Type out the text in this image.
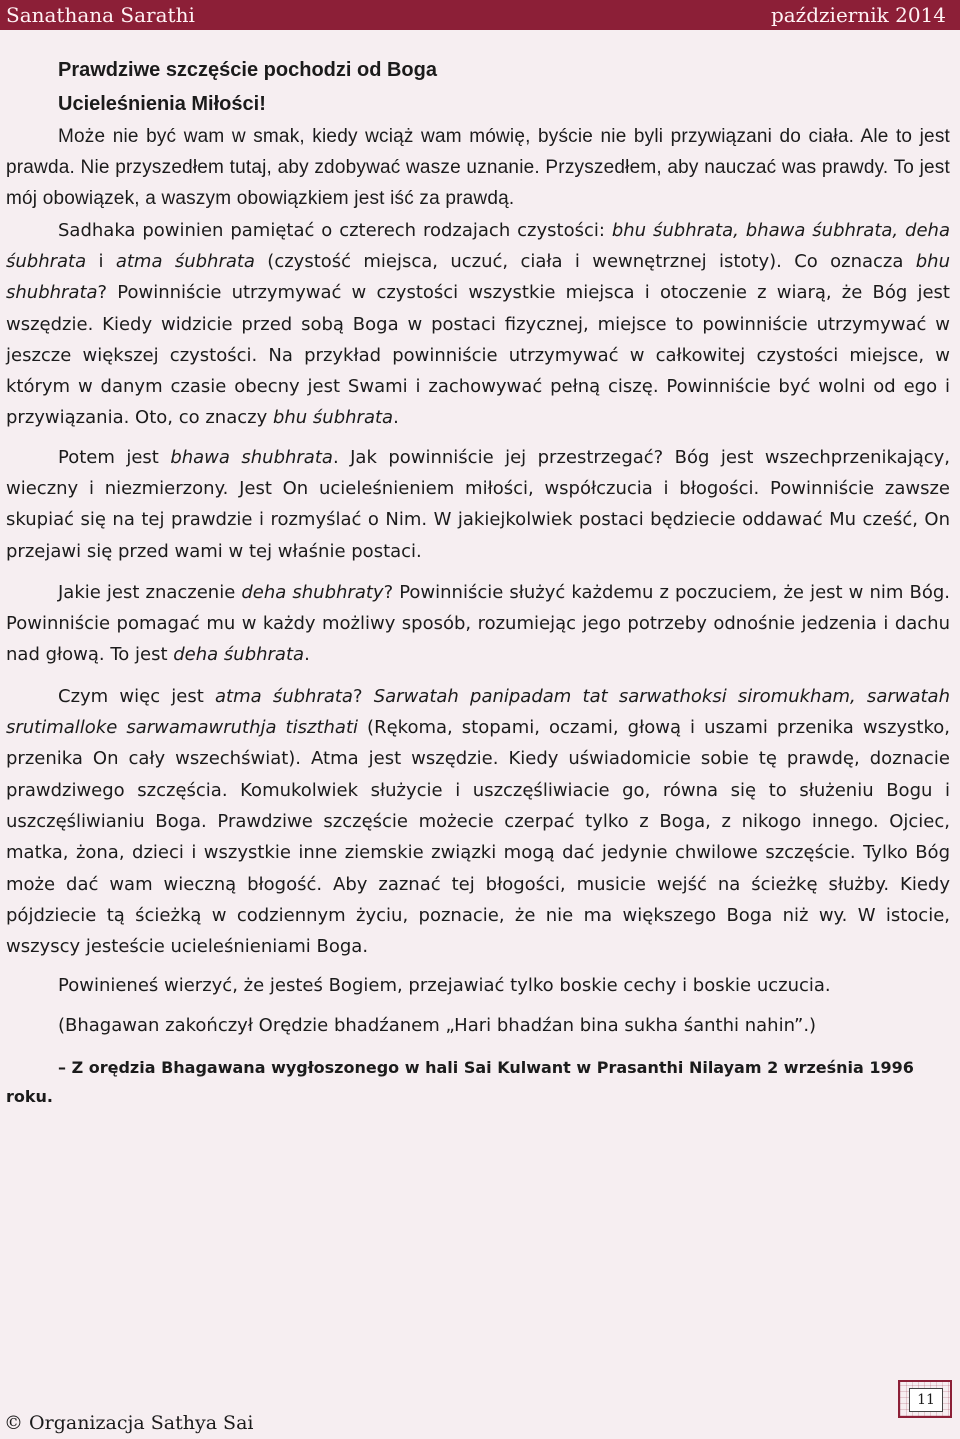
Sanathana Sarathi	październik 2014
Prawdziwe szczęście pochodzi od Boga
Ucieleśnienia Miłości!

Może nie być wam w smak, kiedy wciąż wam mówię, byście nie byli przywiązani do ciała. Ale to jest prawda. Nie przyszedłem tutaj, aby zdobywać wasze uznanie. Przyszedłem, aby nauczać was prawdy. To jest mój obowiązek, a waszym obowiązkiem jest iść za prawdą.

Sadhaka powinien pamiętać o czterech rodzajach czystości: bhu śubhrata, bhawa śubhrata, deha śubhrata i atma śubhrata (czystość miejsca, uczuć, ciała i wewnętrznej istoty). Co oznacza bhu shubhrata? Powinniście utrzymywać w czystości wszystkie miejsca i otoczenie z wiarą, że Bóg jest wszędzie. Kiedy widzicie przed sobą Boga w postaci fizycznej, miejsce to powinniście utrzymywać w jeszcze większej czystości. Na przykład powinniście utrzymywać w całkowitej czystości miejsce, w którym w danym czasie obecny jest Swami i zachowywać pełną ciszę. Powinniście być wolni od ego i przywiązania. Oto, co znaczy bhu śubhrata.

Potem jest bhawa shubhrata. Jak powinniście jej przestrzegać? Bóg jest wszechprzenikający, wieczny i niezmierzony. Jest On ucieleśnieniem miłości, współczucia i błogości. Powinniście zawsze skupiać się na tej prawdzie i rozmyślać o Nim. W jakiejkolwiek postaci będziecie oddawać Mu cześć, On przejawi się przed wami w tej właśnie postaci.

Jakie jest znaczenie deha shubhraty? Powinniście służyć każdemu z poczuciem, że jest w nim Bóg. Powinniście pomagać mu w każdy możliwy sposób, rozumiejąc jego potrzeby odnośnie jedzenia i dachu nad głową. To jest deha śubhrata.

Czym więc jest atma śubhrata? Sarwatah panipadam tat sarwathoksi siromukham, sarwatah srutimalloke sarwamawruthja tiszthati (Rękoma, stopami, oczami, głową i uszami przenika wszystko, przenika On cały wszechświat). Atma jest wszędzie. Kiedy uświadomicie sobie tę prawdę, doznacie prawdziwego szczęścia. Komukolwiek służycie i uszczęśliwiacie go, równa się to służeniu Bogu i uszczęśliwianiu Boga. Prawdziwe szczęście możecie czerpać tylko z Boga, z nikogo innego. Ojciec, matka, żona, dzieci i wszystkie inne ziemskie związki mogą dać jedynie chwilowe szczęście. Tylko Bóg może dać wam wieczną błogość. Aby zaznać tej błogości, musicie wejść na ścieżkę służby. Kiedy pójdziecie tą ścieżką w codziennym życiu, poznacie, że nie ma większego Boga niż wy. W istocie, wszyscy jesteście ucieleśnieniami Boga.

Powinieneś wierzyć, że jesteś Bogiem, przejawiać tylko boskie cechy i boskie uczucia.

(Bhagawan zakończył Orędzie bhadźanem „Hari bhadźan bina sukha śanthi nahin”.)

– Z orędzia Bhagawana wygłoszonego w hali Sai Kulwant w Prasanthi Nilayam 2 września 1996 roku.

© Organizacja Sathya Sai
11
